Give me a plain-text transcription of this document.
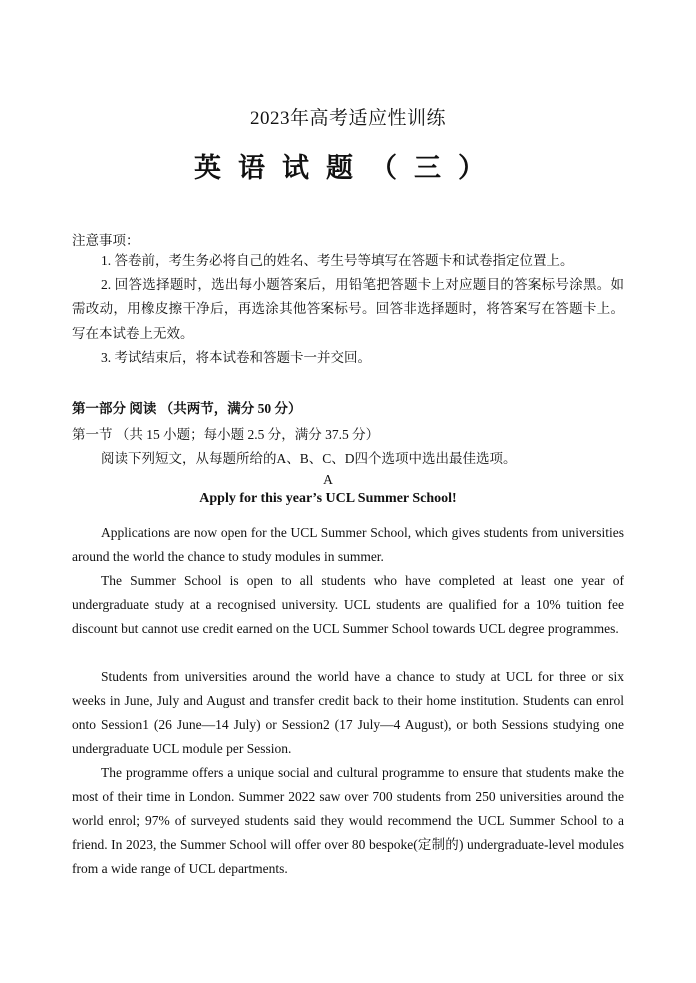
2023年高考适应性训练
英语试题（三）
注意事项：
1. 答卷前，考生务必将自己的姓名、考生号等填写在答题卡和试卷指定位置上。
2. 回答选择题时，选出每小题答案后，用铅笔把答题卡上对应题目的答案标号涂黑。如需改动，用橡皮擦干净后，再选涂其他答案标号。回答非选择题时，将答案写在答题卡上。写在本试卷上无效。
3. 考试结束后，将本试卷和答题卡一并交回。
第一部分 阅读 （共两节，满分 50 分）
第一节 （共 15 小题；每小题 2.5 分，满分 37.5 分）
阅读下列短文，从每题所给的A、B、C、D四个选项中选出最佳选项。
A
Apply for this year’s UCL Summer School!
Applications are now open for the UCL Summer School, which gives students from universities around the world the chance to study modules in summer.
The Summer School is open to all students who have completed at least one year of undergraduate study at a recognised university. UCL students are qualified for a 10% tuition fee discount but cannot use credit earned on the UCL Summer School towards UCL degree programmes.
Students from universities around the world have a chance to study at UCL for three or six weeks in June, July and August and transfer credit back to their home institution. Students can enrol onto Session1 (26 June—14 July) or Session2 (17 July—4 August), or both Sessions studying one undergraduate UCL module per Session.
The programme offers a unique social and cultural programme to ensure that students make the most of their time in London. Summer 2022 saw over 700 students from 250 universities around the world enrol; 97% of surveyed students said they would recommend the UCL Summer School to a friend. In 2023, the Summer School will offer over 80 bespoke(定制的) undergraduate-level modules from a wide range of UCL departments.
